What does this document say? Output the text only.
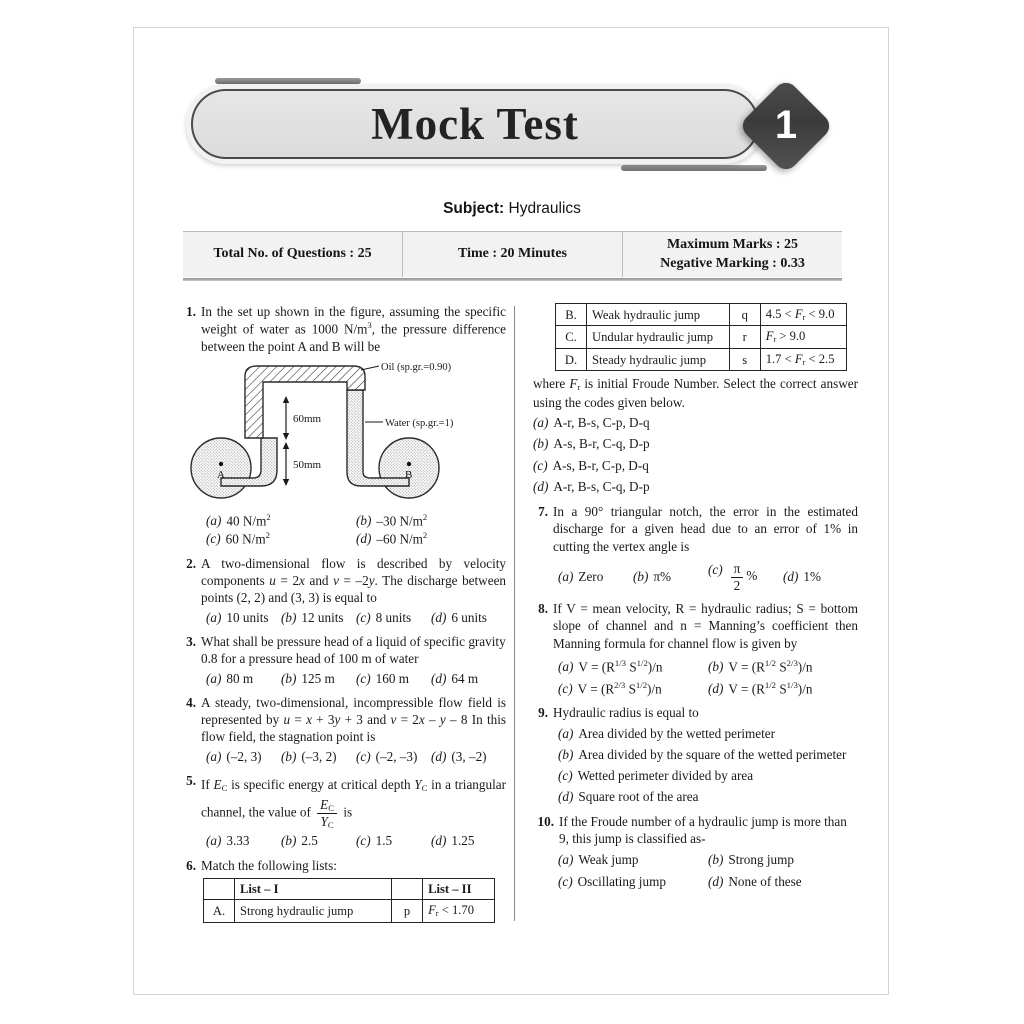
Mock Test	1
Subject: Hydraulics
Total No. of Questions : 25	Time : 20 Minutes
Maximum Marks : 25
Negative Marking : 0.33
1. In the set up shown in the figure, assuming the specific weight of water as 1000 $N/m^3$, the pressure difference between the point A and B will be
60mm
50mm
Oil (sp.gr.=0.90)
Water (sp.gr.=1)
A	B
(a) 40 $N/m^2$	(b) –30 $N/m^2$
(c) 60 $N/m^2$	(d) –60 $N/m^2$
2. A two-dimensional flow is described by velocity components u = 2x and v = –2y. The discharge between points (2, 2) and (3, 3) is equal to
(a) 10 units (b) 12 units (c) 8 units (d) 6 units
3. What shall be pressure head of a liquid of specific gravity 0.8 for a pressure head of 100 m of water
(a) 80 m (b) 125 m (c) 160 m (d) 64 m
4. A steady, two-dimensional, incompressible flow field is represented by u = x + 3y + 3 and v = 2x – y – 8 In this flow field, the stagnation point is
(a) (–2, 3) (b) (–3, 2) (c) (–2, –3) (d) (3, –2)
5. If $E_C$ is specific energy at critical depth $Y_C$ in a triangular channel, the value of $\frac{E_C}{Y_C}$ is
(a) 3.33 (b) 2.5	(c) 1.5	(d) 1.25
6. Match the following lists:
	List – I		List – II
A.	Strong hydraulic jump	p	$F_r < 1.70$
B.	Weak hydraulic jump	q	$4.5 < F_r < 9.0$
C.	Undular hydraulic jump	r	$F_r > 9.0$
D.	Steady hydraulic jump	s	$1.7 < F_r < 2.5$
where $F_r$ is initial Froude Number. Select the correct answer using the codes given below.
(a) A-r, B-s, C-p, D-q
(b) A-s, B-r, C-q, D-p
(c) A-s, B-r, C-p, D-q
(d) A-r, B-s, C-q, D-p
7. In a 90° triangular notch, the error in the estimated discharge for a given head due to an error of 1% in cutting the vertex angle is
(a) Zero (b) π%	$(c) \frac{\pi}{2}$ % (d) 1%
8. If V = mean velocity, R = hydraulic radius; S = bottom slope of channel and n = Manning’s coefficient then Manning formula for channel flow is given by
(a) $V = (R^{1/3}$ $S^{1/2})/n$	(b) $V = (R^{1/2}$ $S^{2/3})/n$
(c) $V = (R^{2/3}$ $S^{1/2})/n$	(d) $V = (R^{1/2}$ $S^{1/3})/n$
9. Hydraulic radius is equal to
(a) Area divided by the wetted perimeter
(b) Area divided by the square of the wetted perimeter
(c) Wetted perimeter divided by area
(d) Square root of the area
10. If the Froude number of a hydraulic jump is more than 9, this jump is classified as-
(a) Weak jump	(b) Strong jump
(c) Oscillating jump	(d) None of these
